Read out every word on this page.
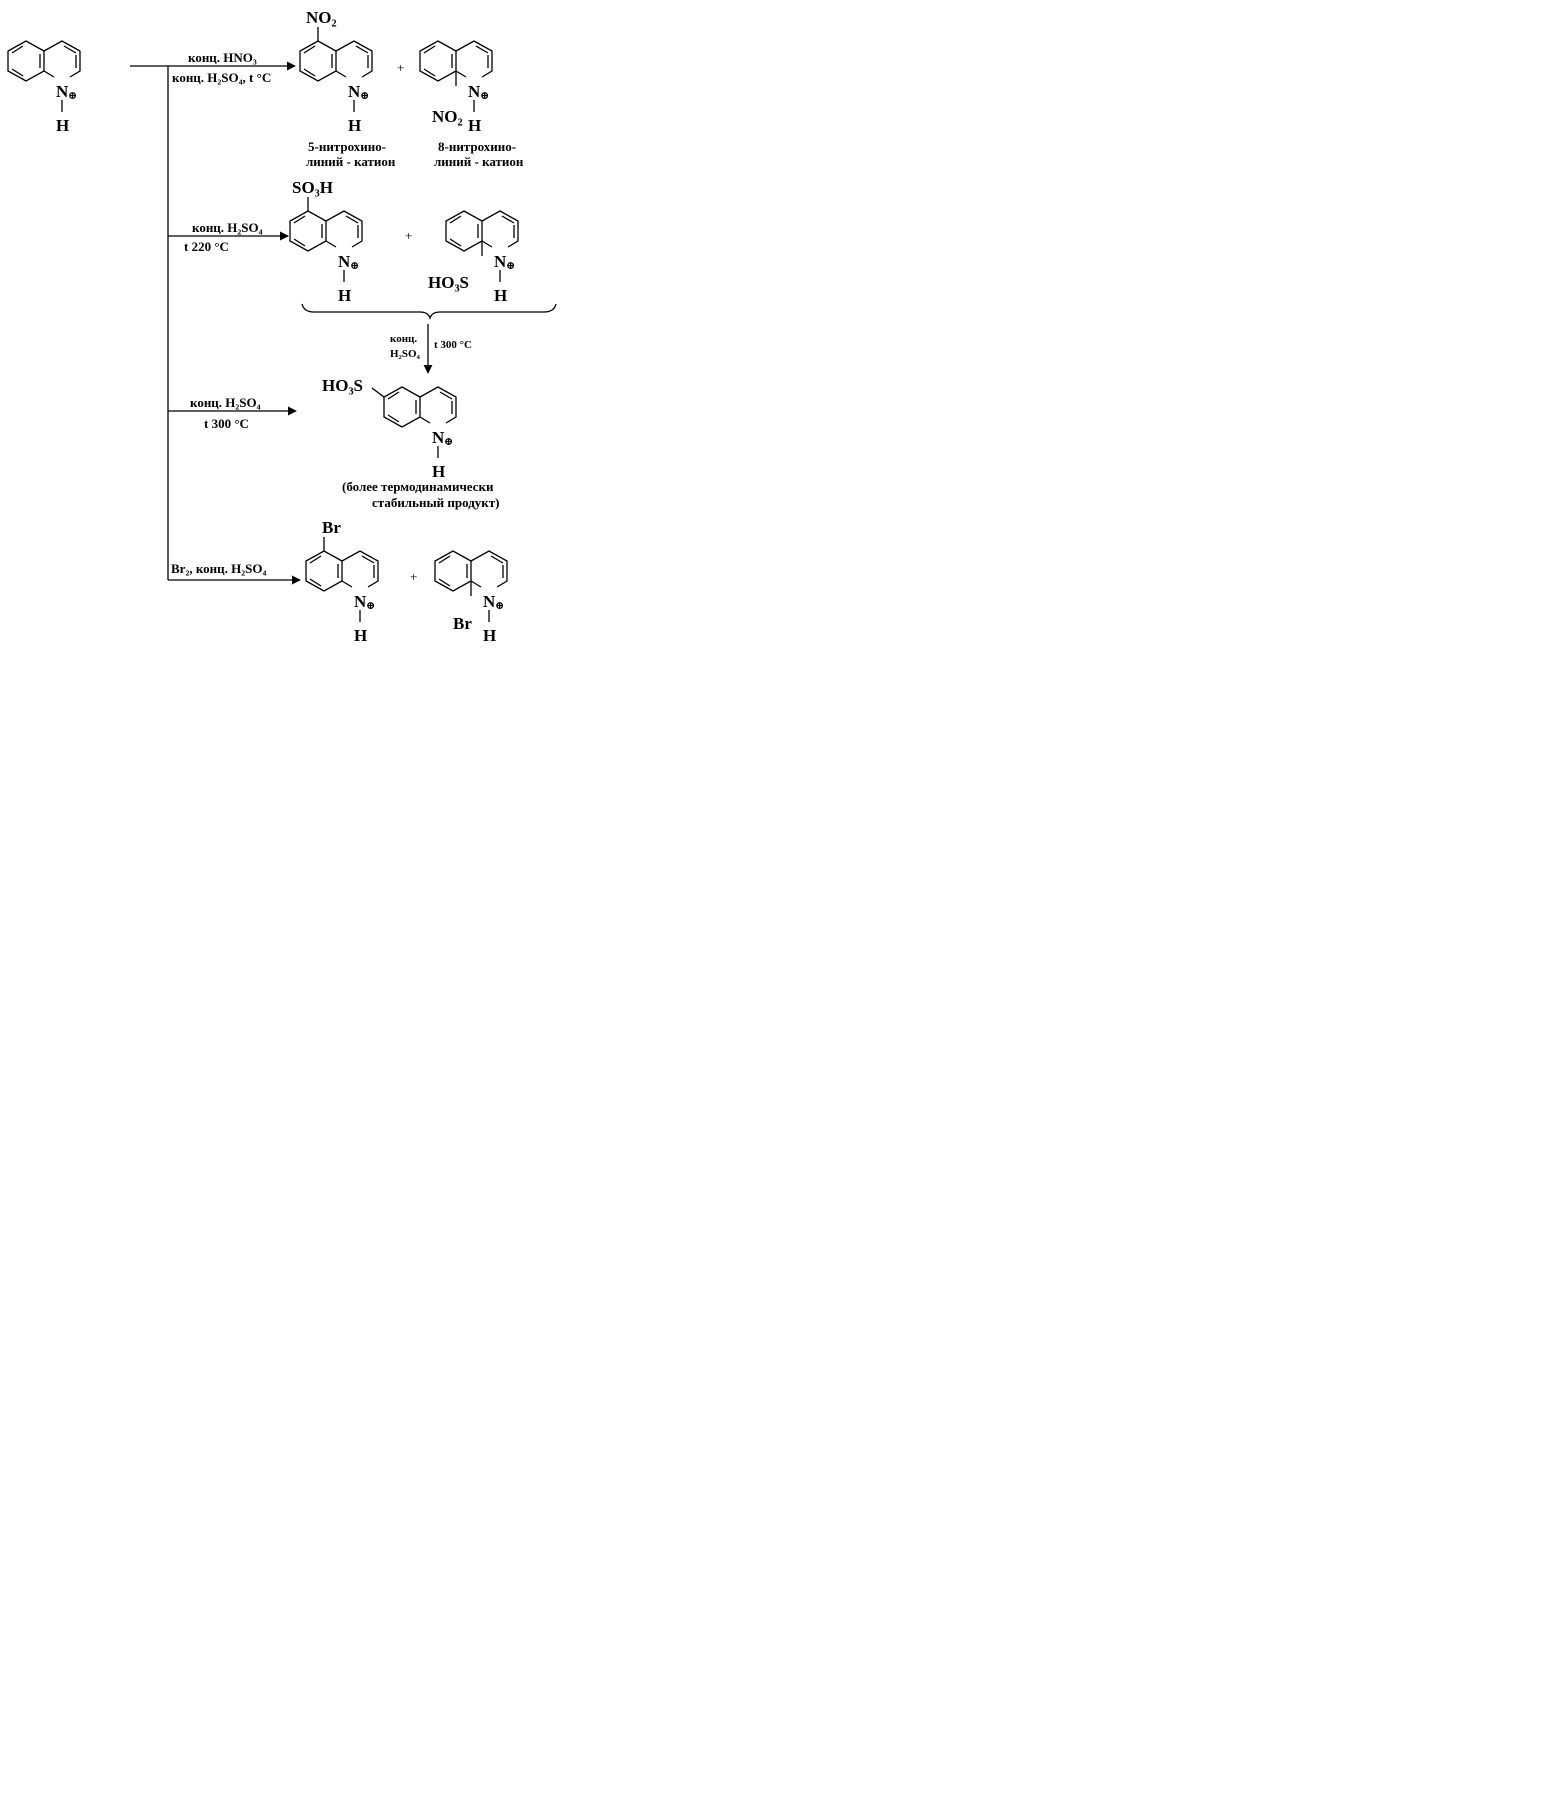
N ⊕
H
конц. HNO₃
конц. H₂SO₄, t °C
NO₂
N ⊕
H
+
NO₂
N ⊕
H
5-нитрохино-
линий - катион
8-нитрохино-
линий - катион
конц. H₂SO₄
t 220 °C
SO₃H
N ⊕
H
+
HO₃S
N ⊕
H
конц.
H₂SO₄
t 300 °C
конц. H₂SO₄
t 300 °C
HO₃S
N ⊕
H
(более термодинамически
стабильный продукт)
Br₂, конц. H₂SO₄
Br
N ⊕
H
+
Br
N ⊕
H
